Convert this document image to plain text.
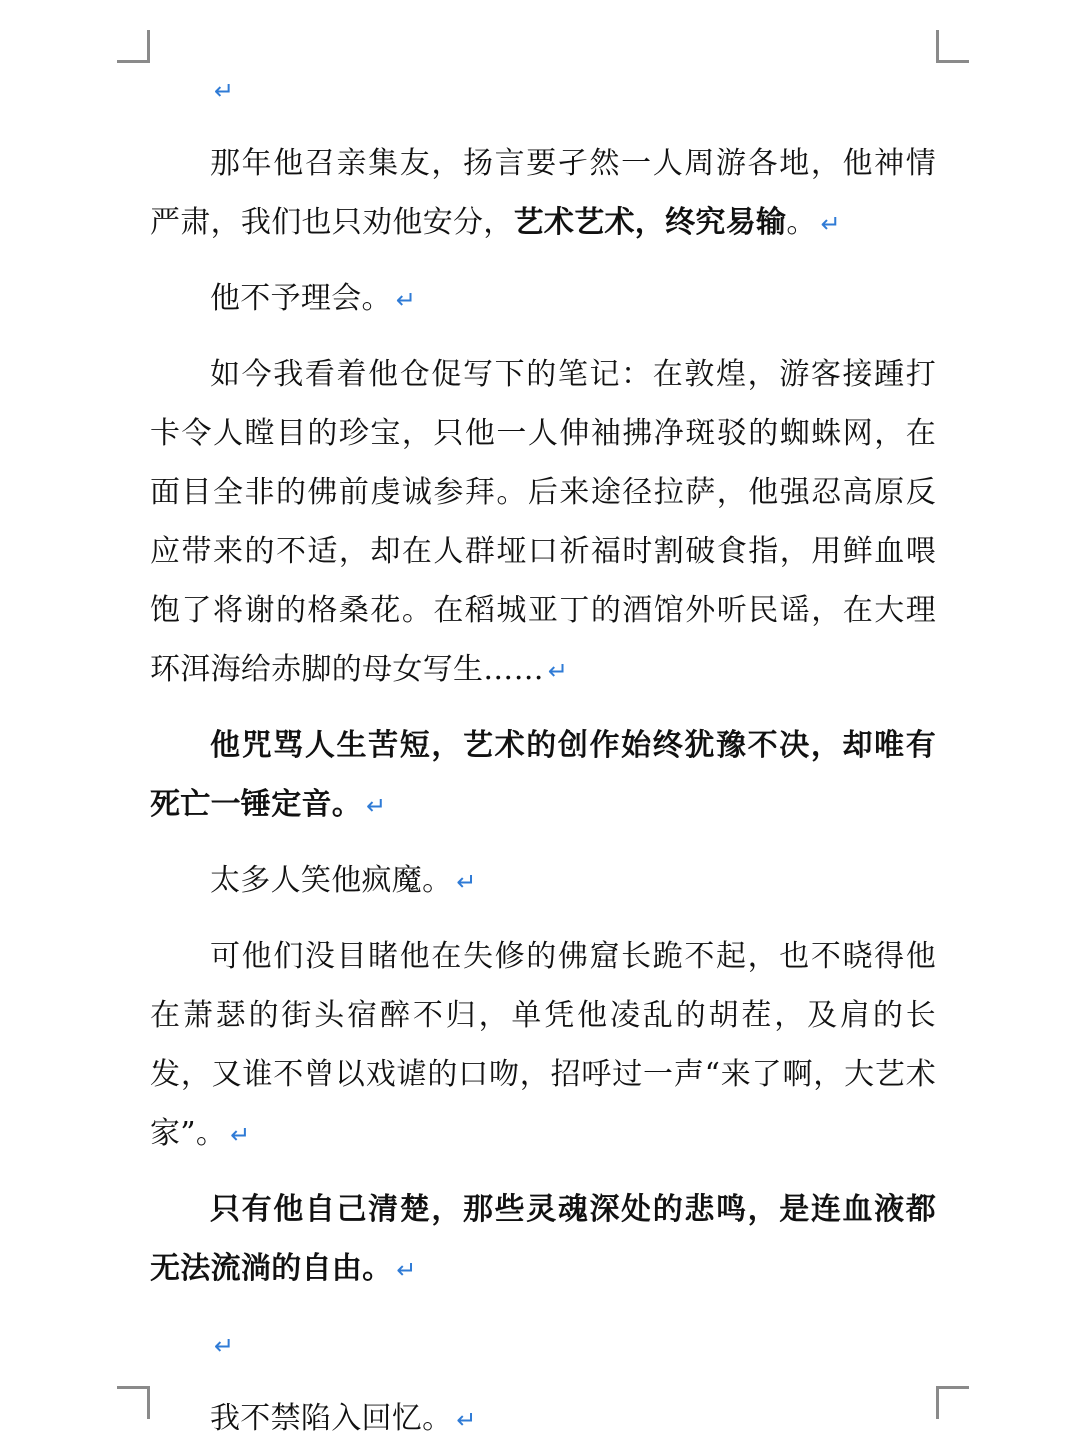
↵

那年他召亲集友，扬言要孑然一人周游各地，他神情严肃，我们也只劝他安分，艺术艺术，终究易输。 ↵

他不予理会。 ↵

如今我看着他仓促写下的笔记：在敦煌，游客接踵打卡令人瞠目的珍宝，只他一人伸袖拂净斑驳的蜘蛛网，在面目全非的佛前虔诚参拜。后来途径拉萨，他强忍高原反应带来的不适，却在人群垭口祈福时割破食指，用鲜血喂饱了将谢的格桑花。在稻城亚丁的酒馆外听民谣，在大理环洱海给赤脚的母女写生…… ↵

他咒骂人生苦短，艺术的创作始终犹豫不决，却唯有死亡一锤定音。 ↵

太多人笑他疯魔。 ↵

可他们没目睹他在失修的佛窟长跪不起，也不晓得他在萧瑟的街头宿醉不归，单凭他凌乱的胡茬，及肩的长发，又谁不曾以戏谑的口吻，招呼过一声“来了啊，大艺术家”。 ↵

只有他自己清楚，那些灵魂深处的悲鸣，是连血液都无法流淌的自由。 ↵

↵

我不禁陷入回忆。 ↵
